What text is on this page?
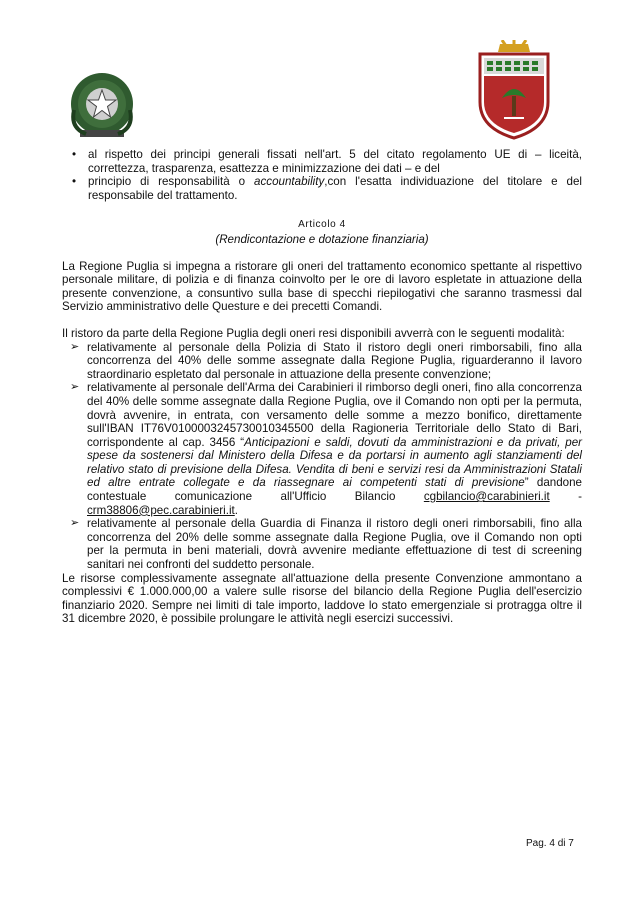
• al rispetto dei principi generali fissati nell'art. 5 del citato regolamento UE di – liceità, correttezza, trasparenza, esattezza e minimizzazione dei dati – e del
• principio di responsabilità o accountability,con l'esatta individuazione del titolare e del responsabile del trattamento.
Articolo 4
(Rendicontazione e dotazione finanziaria)

La Regione Puglia si impegna a ristorare gli oneri del trattamento economico spettante al rispettivo personale militare, di polizia e di finanza coinvolto per le ore di lavoro espletate in attuazione della presente convenzione, a consuntivo sulla base di specchi riepilogativi che saranno trasmessi dal Servizio amministrativo delle Questure e dei precetti Comandi.

Il ristoro da parte della Regione Puglia degli oneri resi disponibili avverrà con le seguenti modalità:

➢ relativamente al personale della Polizia di Stato il ristoro degli oneri rimborsabili, fino alla concorrenza del 40% delle somme assegnate dalla Regione Puglia, riguarderanno il lavoro straordinario espletato dal personale in attuazione della presente convenzione;
➢ relativamente al personale dell'Arma dei Carabinieri il rimborso degli oneri, fino alla concorrenza del 40% delle somme assegnate dalla Regione Puglia, ove il Comando non opti per la permuta, dovrà avvenire, in entrata, con versamento delle somme a mezzo bonifico, direttamente sull'IBAN IT76V0100003245730010345500 della Ragioneria Territoriale dello Stato di Bari, corrispondente al cap. 3456 “Anticipazioni e saldi, dovuti da amministrazioni e da privati, per spese da sostenersi dal Ministero della Difesa e da portarsi in aumento agli stanziamenti del relativo stato di previsione della Difesa. Vendita di beni e servizi resi da Amministrazioni Statali ed altre entrate collegate e da riassegnare ai competenti stati di previsione” dandone contestuale comunicazione all'Ufficio Bilancio cgbilancio@carabinieri.it - crm38806@pec.carabinieri.it.
➢ relativamente al personale della Guardia di Finanza il ristoro degli oneri rimborsabili, fino alla concorrenza del 20% delle somme assegnate dalla Regione Puglia, ove il Comando non opti per la permuta in beni materiali, dovrà avvenire mediante effettuazione di test di screening sanitari nei confronti del suddetto personale.

Le risorse complessivamente assegnate all'attuazione della presente Convenzione ammontano a complessivi € 1.000.000,00 a valere sulle risorse del bilancio della Regione Puglia dell'esercizio finanziario 2020. Sempre nei limiti di tale importo, laddove lo stato emergenziale si protragga oltre il 31 dicembre 2020, è possibile prolungare le attività negli esercizi successivi.

Pag. 4 di 7
